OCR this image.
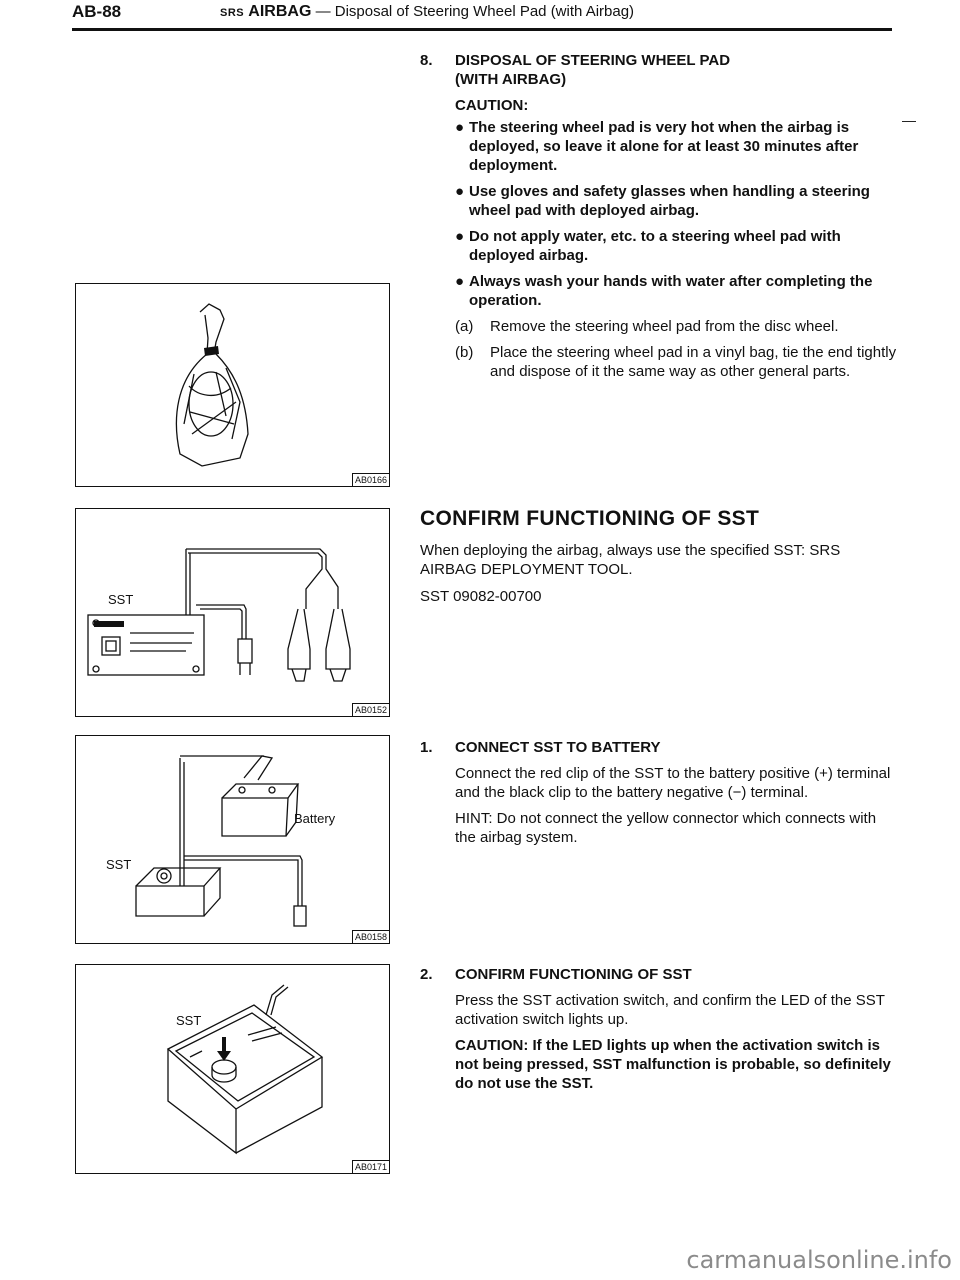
AB-88	SRS AIRBAG — Disposal of Steering Wheel Pad (with Airbag)
—
AB0166
SST
AB0152
Battery
SST
AB0158
SST
AB0171
8.	DISPOSAL OF STEERING WHEEL PAD

(WITH AIRBAG)

CAUTION:

● The steering wheel pad is very hot when the airbag is deployed, so leave it alone for at least 30 minutes after deployment.
● Use gloves and safety glasses when handling a steering wheel pad with deployed airbag.
● Do not apply water, etc. to a steering wheel pad with deployed airbag.
● Always wash your hands with water after completing the operation.
(a) Remove the steering wheel pad from the disc wheel.
(b) Place the steering wheel pad in a vinyl bag, tie the end tightly and dispose of it the same way as other general parts.

CONFIRM FUNCTIONING OF SST

When deploying the airbag, always use the specified SST: SRS AIRBAG DEPLOYMENT TOOL.

SST 09082-00700

1.	CONNECT SST TO BATTERY

Connect the red clip of the SST to the battery positive (+) terminal and the black clip to the battery negative (−) terminal.

HINT: Do not connect the yellow connector which connects with the airbag system.

2.	CONFIRM FUNCTIONING OF SST

Press the SST activation switch, and confirm the LED of the SST activation switch lights up.

CAUTION: If the LED lights up when the activation switch is not being pressed, SST malfunction is probable, so definitely do not use the SST.

carmanualsonline.info
